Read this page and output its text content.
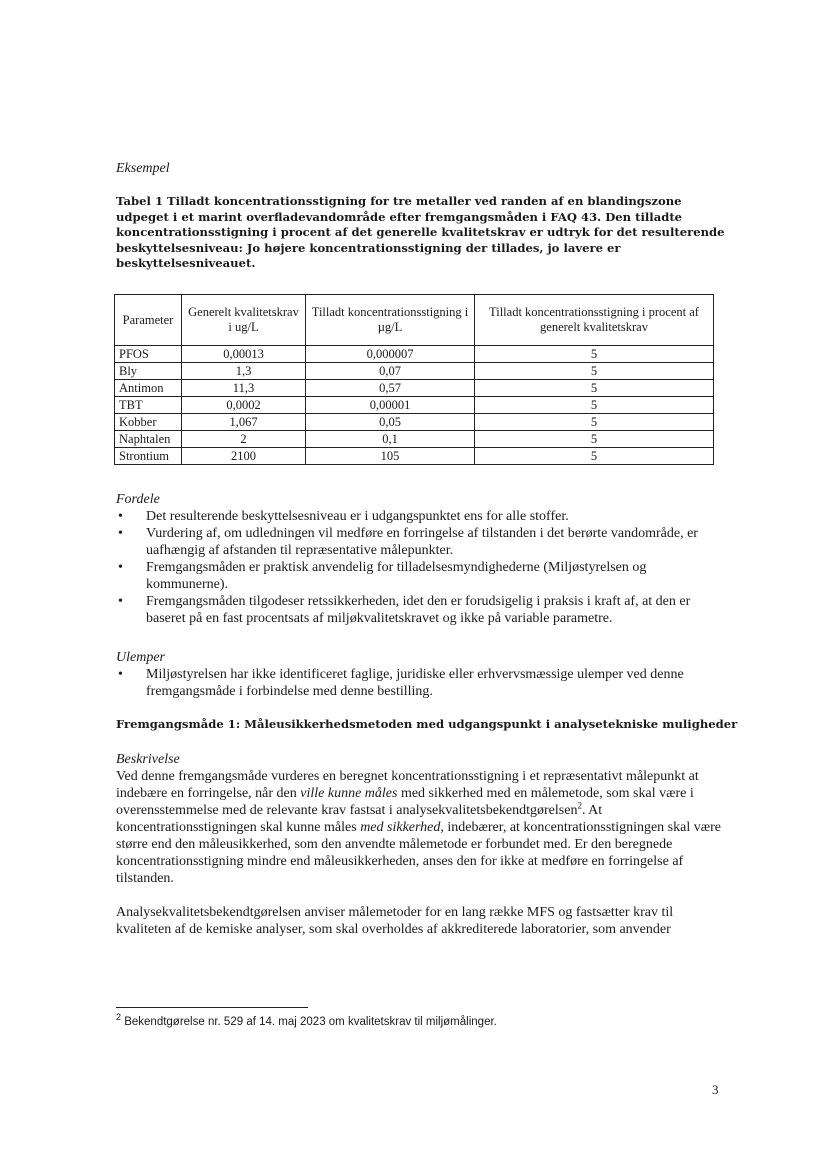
Eksempel
Tabel 1 Tilladt koncentrationsstigning for tre metaller ved randen af en blandingszone udpeget i et marint overfladevandområde efter fremgangsmåden i FAQ 43. Den tilladte koncentrationsstigning i procent af det generelle kvalitetskrav er udtryk for det resulterende beskyttelsesniveau: Jo højere koncentrationsstigning der tillades, jo lavere er beskyttelsesniveauet.
Parameter	Generelt kvalitetskrav i ug/L	Tilladt koncentrationsstigning i µg/L	Tilladt koncentrationsstigning i procent af generelt kvalitetskrav
PFOS	0,00013	0,000007	5
Bly	1,3	0,07	5
Antimon	11,3	0,57	5
TBT	0,0002	0,00001	5
Kobber	1,067	0,05	5
Naphtalen	2	0,1	5
Strontium	2100	105	5
Fordele
• Det resulterende beskyttelsesniveau er i udgangspunktet ens for alle stoffer.
• Vurdering af, om udledningen vil medføre en forringelse af tilstanden i det berørte vandområde, er uafhængig af afstanden til repræsentative målepunkter.
• Fremgangsmåden er praktisk anvendelig for tilladelsesmyndighederne (Miljøstyrelsen og kommunerne).
• Fremgangsmåden tilgodeser retssikkerheden, idet den er forudsigelig i praksis i kraft af, at den er baseret på en fast procentsats af miljøkvalitetskravet og ikke på variable parametre.
Ulemper
• Miljøstyrelsen har ikke identificeret faglige, juridiske eller erhvervsmæssige ulemper ved denne fremgangsmåde i forbindelse med denne bestilling.
Fremgangsmåde 1: Måleusikkerhedsmetoden med udgangspunkt i analysetekniske muligheder
Beskrivelse
Ved denne fremgangsmåde vurderes en beregnet koncentrationsstigning i et repræsentativt målepunkt at indebære en forringelse, når den ville kunne måles med sikkerhed med en målemetode, som skal være i overensstemmelse med de relevante krav fastsat i analysekvalitetsbekendtgørelsen$^2$. At koncentrationsstigningen skal kunne måles med sikkerhed, indebærer, at koncentrationsstigningen skal være større end den måleusikkerhed, som den anvendte målemetode er forbundet med. Er den beregnede koncentrationsstigning mindre end måleusikkerheden, anses den for ikke at medføre en forringelse af tilstanden.
Analysekvalitetsbekendtgørelsen anviser målemetoder for en lang række MFS og fastsætter krav til kvaliteten af de kemiske analyser, som skal overholdes af akkrediterede laboratorier, som anvender
$^2$ Bekendtgørelse nr. 529 af 14. maj 2023 om kvalitetskrav til miljømålinger.
3
